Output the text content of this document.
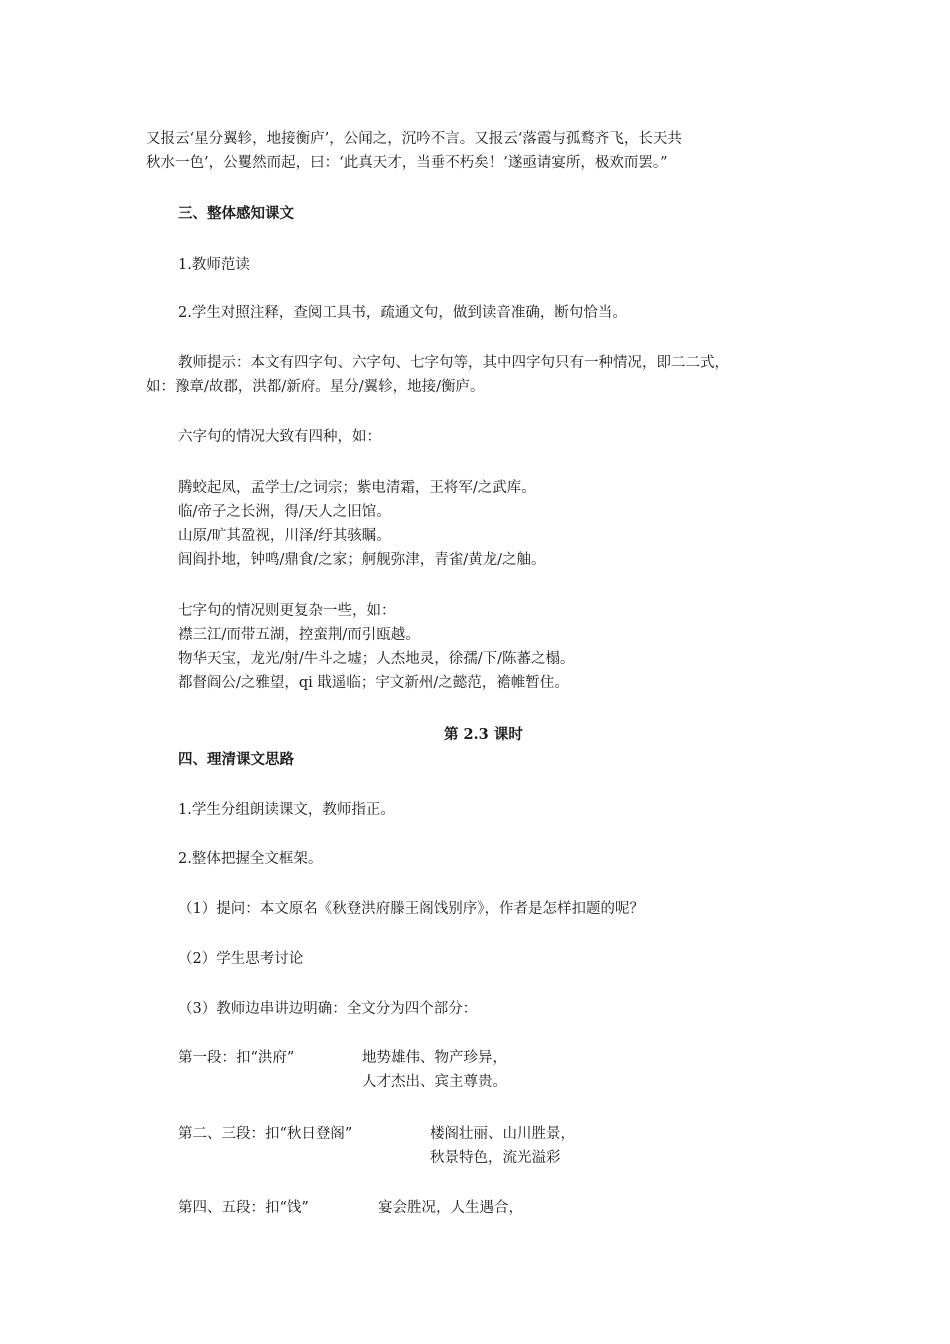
又报云‘星分翼轸，地接衡庐’，公闻之，沉吟不言。又报云‘落霞与孤鹜齐飞，长天共
秋水一色’，公矍然而起，曰：‘此真天才，当垂不朽矣！’遂亟请宴所，极欢而罢。”
三、整体感知课文
1.教师范读
2.学生对照注释，查阅工具书，疏通文句，做到读音准确，断句恰当。
教师提示：本文有四字句、六字句、七字句等，其中四字句只有一种情况，即二二式，
如：豫章/故郡，洪都/新府。星分/翼轸，地接/衡庐。
六字句的情况大致有四种，如：
腾蛟起凤，孟学士/之词宗；紫电清霜，王将军/之武库。
临/帝子之长洲，得/天人之旧馆。
山原/旷其盈视，川泽/纡其骇瞩。
闾阎扑地，钟鸣/鼎食/之家；舸舰弥津，青雀/黄龙/之舳。
七字句的情况则更复杂一些，如：
襟三江/而带五湖，控蛮荆/而引瓯越。
物华天宝，龙光/射/牛斗之墟；人杰地灵，徐孺/下/陈蕃之榻。
都督阎公/之雅望，qi 戢遥临；宇文新州/之懿范，襜帷暂住。
第 2.3 课时
四、理清课文思路
1.学生分组朗读课文，教师指正。
2.整体把握全文框架。
（1）提问：本文原名《秋登洪府滕王阁饯别序》，作者是怎样扣题的呢？
（2）学生思考讨论
（3）教师边串讲边明确：全文分为四个部分：
第一段：扣“洪府”	地势雄伟、物产珍异，
人才杰出、宾主尊贵。
第二、三段：扣“秋日登阁”	楼阁壮丽、山川胜景，
秋景特色，流光溢彩
第四、五段：扣“饯”	宴会胜况，人生遇合，
